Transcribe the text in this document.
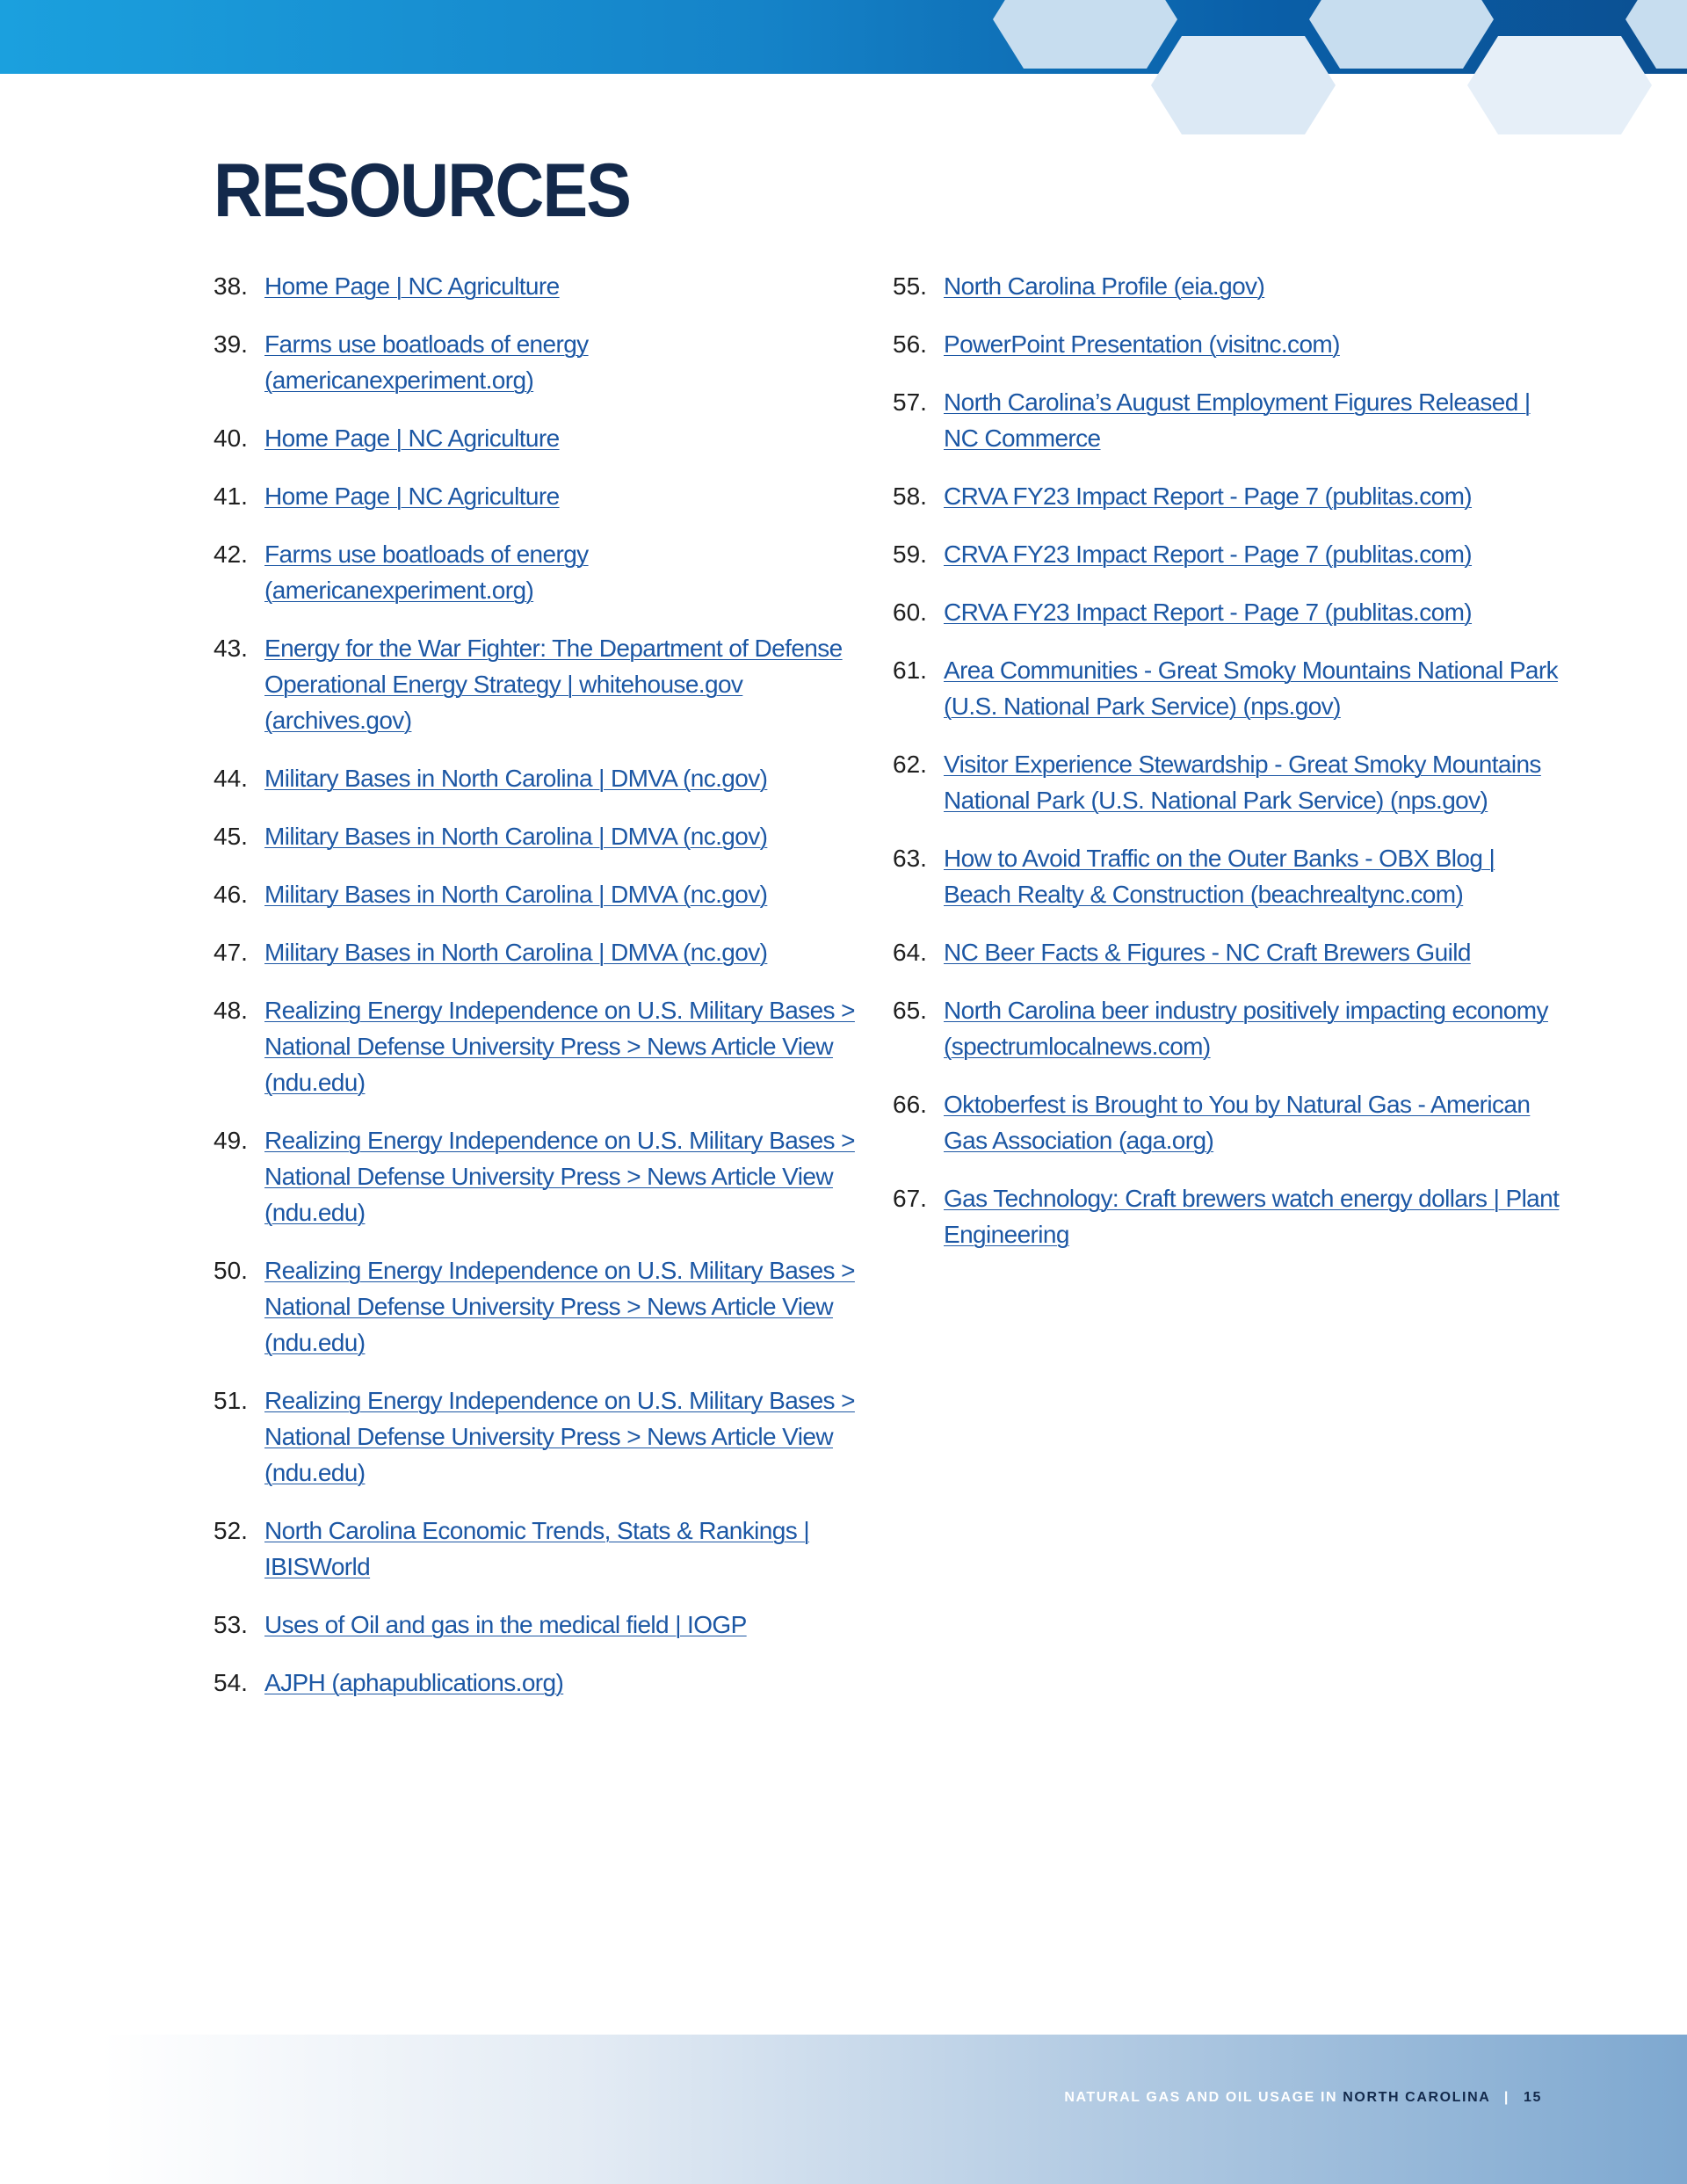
RESOURCES
38. Home Page | NC Agriculture
39. Farms use boatloads of energy (americanexperiment.org)
40. Home Page | NC Agriculture
41. Home Page | NC Agriculture
42. Farms use boatloads of energy (americanexperiment.org)
43. Energy for the War Fighter: The Department of Defense Operational Energy Strategy | whitehouse.gov (archives.gov)
44. Military Bases in North Carolina | DMVA (nc.gov)
45. Military Bases in North Carolina | DMVA (nc.gov)
46. Military Bases in North Carolina | DMVA (nc.gov)
47. Military Bases in North Carolina | DMVA (nc.gov)
48. Realizing Energy Independence on U.S. Military Bases > National Defense University Press > News Article View (ndu.edu)
49. Realizing Energy Independence on U.S. Military Bases > National Defense University Press > News Article View (ndu.edu)
50. Realizing Energy Independence on U.S. Military Bases > National Defense University Press > News Article View (ndu.edu)
51. Realizing Energy Independence on U.S. Military Bases > National Defense University Press > News Article View (ndu.edu)
52. North Carolina Economic Trends, Stats & Rankings | IBISWorld
53. Uses of Oil and gas in the medical field | IOGP
54. AJPH (aphapublications.org)
55. North Carolina Profile (eia.gov)
56. PowerPoint Presentation (visitnc.com)
57. North Carolina’s August Employment Figures Released | NC Commerce
58. CRVA FY23 Impact Report - Page 7 (publitas.com)
59. CRVA FY23 Impact Report - Page 7 (publitas.com)
60. CRVA FY23 Impact Report - Page 7 (publitas.com)
61. Area Communities - Great Smoky Mountains National Park (U.S. National Park Service) (nps.gov)
62. Visitor Experience Stewardship - Great Smoky Mountains National Park (U.S. National Park Service) (nps.gov)
63. How to Avoid Traffic on the Outer Banks - OBX Blog | Beach Realty & Construction (beachrealtync.com)
64. NC Beer Facts & Figures - NC Craft Brewers Guild
65. North Carolina beer industry positively impacting economy (spectrumlocalnews.com)
66. Oktoberfest is Brought to You by Natural Gas - American Gas Association (aga.org)
67. Gas Technology: Craft brewers watch energy dollars | Plant Engineering
NATURAL GAS AND OIL USAGE IN NORTH CAROLINA | 15
